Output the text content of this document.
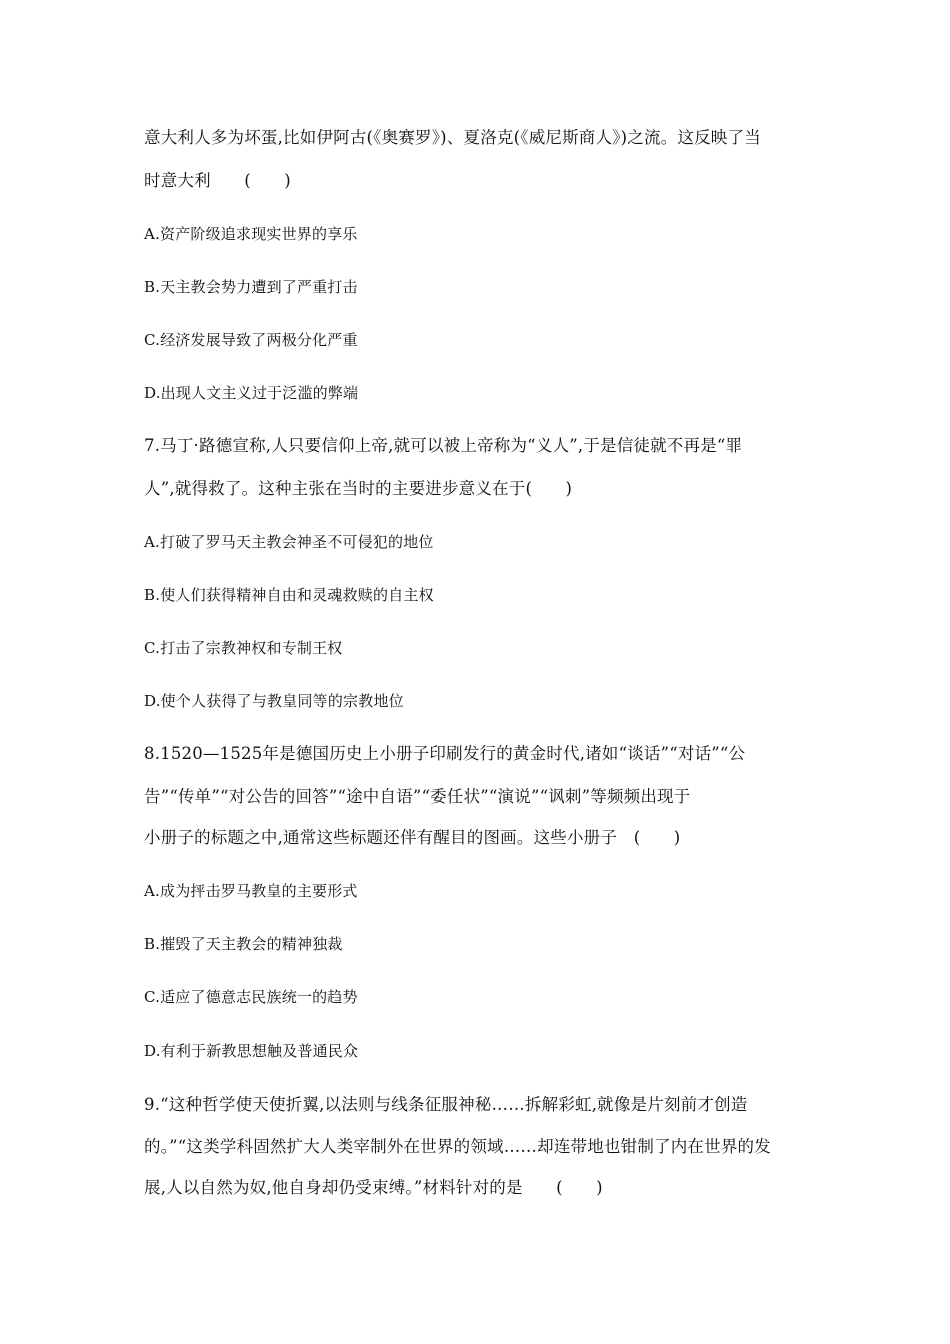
意大利人多为坏蛋,比如伊阿古(《奥赛罗》)、夏洛克(《威尼斯商人》)之流。这反映了当
时意大利　　(　　)
A.资产阶级追求现实世界的享乐
B.天主教会势力遭到了严重打击
C.经济发展导致了两极分化严重
D.出现人文主义过于泛滥的弊端
7.马丁·路德宣称,人只要信仰上帝,就可以被上帝称为“义人”,于是信徒就不再是“罪
人”,就得救了。这种主张在当时的主要进步意义在于(　　)
A.打破了罗马天主教会神圣不可侵犯的地位
B.使人们获得精神自由和灵魂救赎的自主权
C.打击了宗教神权和专制王权
D.使个人获得了与教皇同等的宗教地位
8.1520—1525年是德国历史上小册子印刷发行的黄金时代,诸如“谈话”“对话”“公
告”“传单”“对公告的回答”“途中自语”“委任状”“演说”“讽刺”等频频出现于
小册子的标题之中,通常这些标题还伴有醒目的图画。这些小册子　(　　)
A.成为抨击罗马教皇的主要形式
B.摧毁了天主教会的精神独裁
C.适应了德意志民族统一的趋势
D.有利于新教思想触及普通民众
9.“这种哲学使天使折翼,以法则与线条征服神秘……拆解彩虹,就像是片刻前才创造
的。”“这类学科固然扩大人类宰制外在世界的领域……却连带地也钳制了内在世界的发
展,人以自然为奴,他自身却仍受束缚。”材料针对的是　　(　　)
